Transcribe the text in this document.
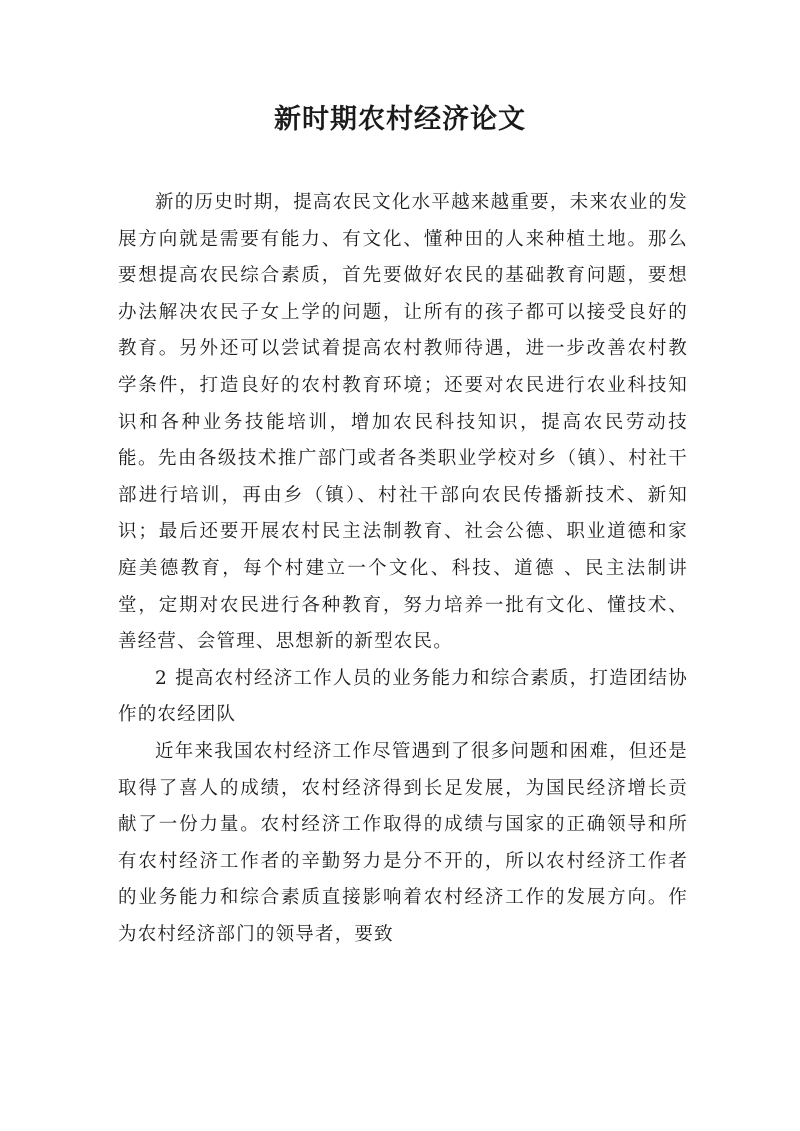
新时期农村经济论文

新的历史时期，提高农民文化水平越来越重要，未来农业的发展方向就是需要有能力、有文化、懂种田的人来种植土地。那么要想提高农民综合素质，首先要做好农民的基础教育问题，要想办法解决农民子女上学的问题，让所有的孩子都可以接受良好的教育。另外还可以尝试着提高农村教师待遇，进一步改善农村教学条件，打造良好的农村教育环境；还要对农民进行农业科技知识和各种业务技能培训，增加农民科技知识，提高农民劳动技能。先由各级技术推广部门或者各类职业学校对乡（镇）、村社干部进行培训，再由乡（镇）、村社干部向农民传播新技术、新知识；最后还要开展农村民主法制教育、社会公德、职业道德和家庭美德教育，每个村建立一个文化、科技、道德 、民主法制讲堂，定期对农民进行各种教育，努力培养一批有文化、懂技术、善经营、会管理、思想新的新型农民。

2 提高农村经济工作人员的业务能力和综合素质，打造团结协作的农经团队

近年来我国农村经济工作尽管遇到了很多问题和困难，但还是取得了喜人的成绩，农村经济得到长足发展，为国民经济增长贡献了一份力量。农村经济工作取得的成绩与国家的正确领导和所有农村经济工作者的辛勤努力是分不开的，所以农村经济工作者的业务能力和综合素质直接影响着农村经济工作的发展方向。作为农村经济部门的领导者，要致
